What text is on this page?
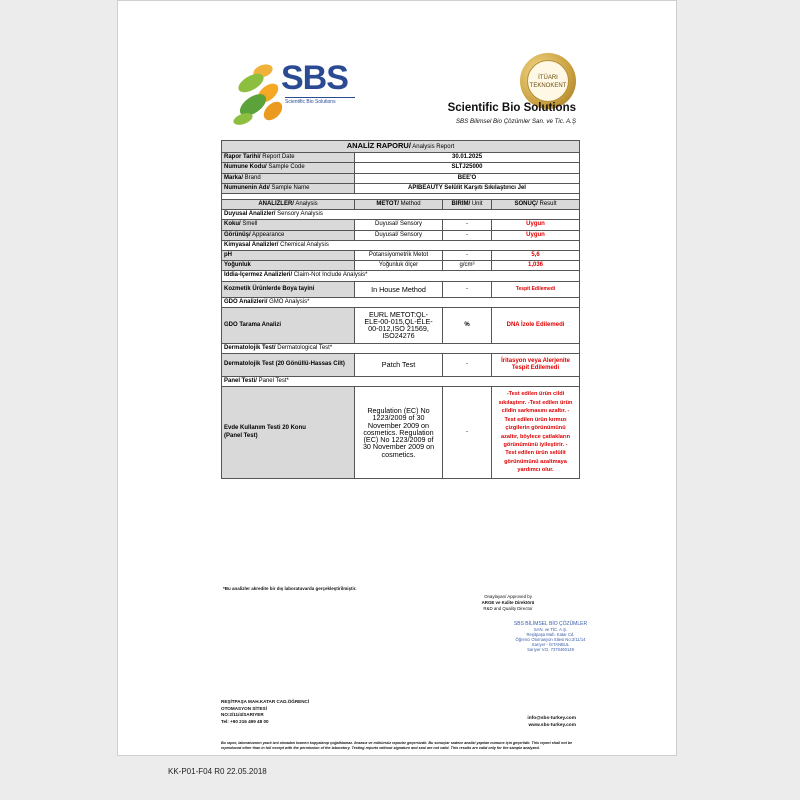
SBS
Scientific Bio Solutions
İTÜARI TEKNOKENT
Scientific Bio Solutions
SBS Bilimsel Bio Çözümler San. ve Tic. A.Ş
ANALİZ RAPORU/ Analysis Report			
Rapor Tarihi/ Report Date	30.01.2025		
Numune Kodu/ Sample Code	SLTJ25000		
Marka/ Brand	BEE'O		
Numunenin Adı/ Sample Name	APIBEAUTY Selülit Karşıtı Sıkılaştırıcı Jel		

ANALİZLER/ Analysis	METOT/ Method	BİRİM/ Unit	SONUÇ/ Result
Duyusal Analizler/ Sensory Analysis			
Koku/ Smell	Duyusal/ Sensory	-	Uygun
Görünüş/ Appearance	Duyusal/ Sensory	-	Uygun
Kimyasal Analizler/ Chemical Analysis			
pH	Potansiyometrik Metot	-	5,6
Yoğunluk	Yoğunluk ölçer	g/cm³	1,036
İddia-İçermez Analizleri/ Claim-Not Include Analysis*			
Kozmetik Ürünlerde Boya tayini	In House Method	-	Tespit Edilemedi
GDO Analizleri/ GMO Analysis*			
GDO Tarama Analizi	EURL METOT:QL-ELE-00-015,QL-ELE-00-012,ISO 21569, ISO24276	%	DNA İzole Edilemedi
Dermatolojik Test/ Dermatological Test*			
Dermatolojik Test (20 Gönüllü-Hassas Cilt)	Patch Test	-	İritasyon veya Alerjenite Tespit Edilemedi
Panel Testi/ Panel Test*			
Evde Kullanım Testi 20 Konu (Panel Test)	Regulation (EC) No 1223/2009 of 30 November 2009 on cosmetics. Regulation (EC) No 1223/2009 of 30 November 2009 on cosmetics.	-	-Test edilen ürün cildi sıkılaştırır. -Test edilen ürün cildin sarkmasını azaltır. -Test edilen ürün kırmızı çizgilerin görünümünü azaltır, böylece çatlakların görünümünü iyileştirir. -Test edilen ürün selülit görünümünü azaltmaya yardımcı olur.
*Bu analizler akredite bir dış laboratuvarda gerçekleştirilmiştir.
Onaylayan/ Approved by
ARGE ve Kalite Direktörü
R&D and Quality Director
SBS BİLİMSEL BİO ÇÖZÜMLER
SAN. ve TİC. A.Ş.
Reşitpaşa Mah. Katar Cd.
Öğrenci Otomasyon Sitesi No:2/11/14
Sarıyer - İSTANBUL
Sarıyer V.D. 7370460149
REŞİTPAŞA MAH.KATAR CAD.ÖĞRENCİ
OTOMASYON SİTESİ
NO:2/11/4/SARIYER
Tel: +90 216 499 48 00	info@sbs-turkey.com
www.sbs-turkey.com
Bu rapor, laboratuvarın yazılı izni olmadan kısmen kopyalanıp çoğaltılamaz. İmzasız ve mühürsüz raporlar geçersizdir. Bu sonuçlar sadece analizi yapılan numune için geçerlidir. This report shall not be reproduced other than in full except with the permission of the laboratory. Testing reports without signature and seal are not valid. This results are valid only for the sample analyzed.
KK-P01-F04 R0 22.05.2018
